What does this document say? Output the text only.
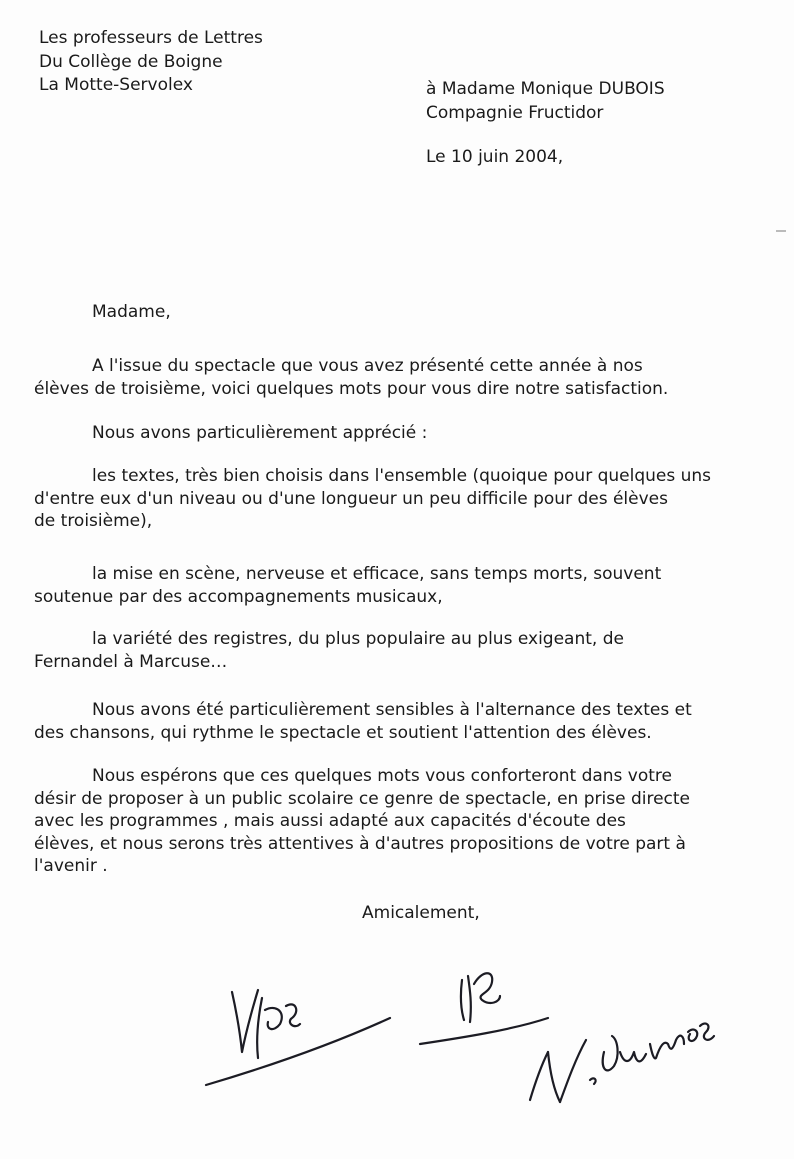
Les professeurs de Lettres
Du Collège de Boigne
La Motte-Servolex	à Madame Monique DUBOIS
Compagnie Fructidor
Le 10 juin 2004,
Madame,

A l'issue du spectacle que vous avez présenté cette année à nos
élèves de troisième, voici quelques mots pour vous dire notre satisfaction.

Nous avons particulièrement apprécié :

les textes, très bien choisis dans l'ensemble (quoique pour quelques uns
d'entre eux d'un niveau ou d'une longueur un peu difficile pour des élèves
de troisième),

la mise en scène, nerveuse et efficace, sans temps morts, souvent
soutenue par des accompagnements musicaux,

la variété des registres, du plus populaire au plus exigeant, de
Fernandel à Marcuse…

Nous avons été particulièrement sensibles à l'alternance des textes et
des chansons, qui rythme le spectacle et soutient l'attention des élèves.

Nous espérons que ces quelques mots vous conforteront dans votre
désir de proposer à un public scolaire ce genre de spectacle, en prise directe
avec les programmes , mais aussi adapté aux capacités d'écoute des
élèves, et nous serons très attentives à d'autres propositions de votre part à
l'avenir .

Amicalement,
